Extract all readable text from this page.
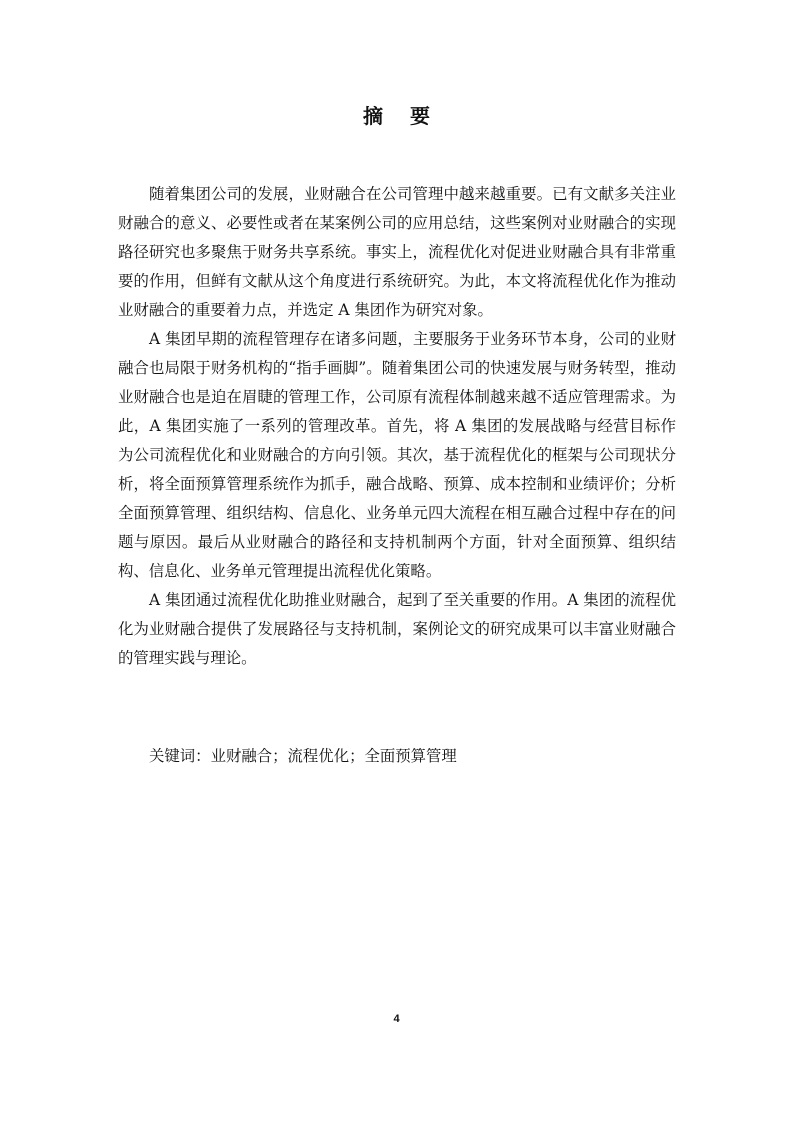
摘 要

随着集团公司的发展，业财融合在公司管理中越来越重要。已有文献多关注业财融合的意义、必要性或者在某案例公司的应用总结，这些案例对业财融合的实现路径研究也多聚焦于财务共享系统。事实上，流程优化对促进业财融合具有非常重要的作用，但鲜有文献从这个角度进行系统研究。为此，本文将流程优化作为推动业财融合的重要着力点，并选定 A 集团作为研究对象。

A 集团早期的流程管理存在诸多问题，主要服务于业务环节本身，公司的业财融合也局限于财务机构的“指手画脚”。随着集团公司的快速发展与财务转型，推动业财融合也是迫在眉睫的管理工作，公司原有流程体制越来越不适应管理需求。为此，A 集团实施了一系列的管理改革。首先，将 A 集团的发展战略与经营目标作为公司流程优化和业财融合的方向引领。其次，基于流程优化的框架与公司现状分析，将全面预算管理系统作为抓手，融合战略、预算、成本控制和业绩评价；分析全面预算管理、组织结构、信息化、业务单元四大流程在相互融合过程中存在的问题与原因。最后从业财融合的路径和支持机制两个方面，针对全面预算、组织结构、信息化、业务单元管理提出流程优化策略。

A 集团通过流程优化助推业财融合，起到了至关重要的作用。A 集团的流程优化为业财融合提供了发展路径与支持机制，案例论文的研究成果可以丰富业财融合的管理实践与理论。

关键词：业财融合；流程优化；全面预算管理
4
